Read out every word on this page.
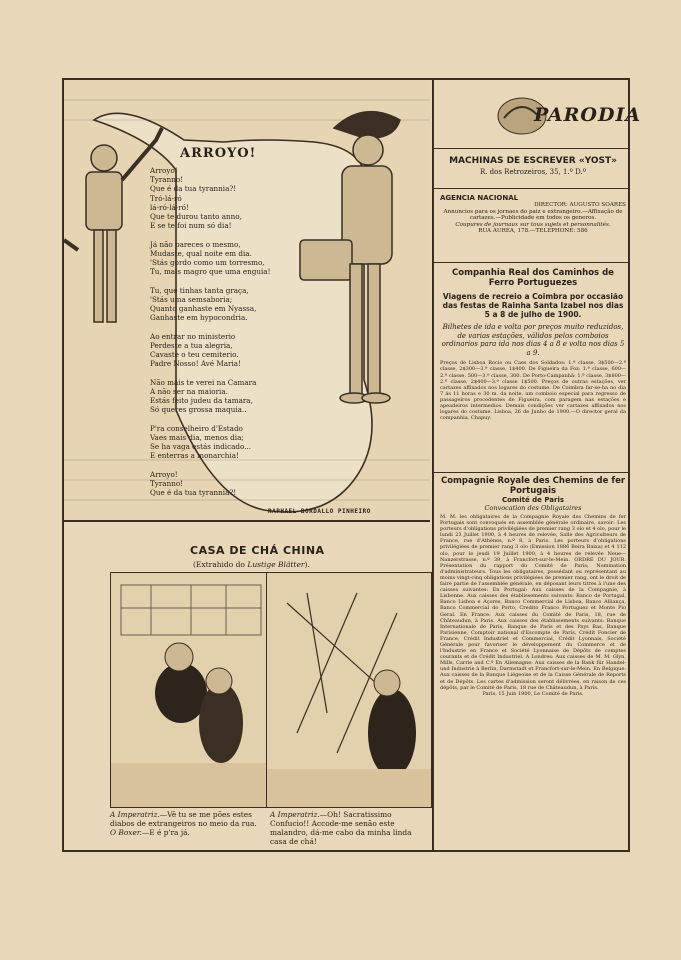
ARROYO!
Arroyo!
Tyranno!
Que é da tua tyrannia?!
Tró-lá-ró
lá-ró-lá-ró!
Que te durou tanto anno,
E se te foi num só dia!

Já não pareces o mesmo,
Mudaste, qual noite em dia.
'Stás gordo como um torresmo,
Tu, mais magro que uma enguia!

Tu, que tinhas tanta graça,
'Stás uma semsaboria;
Quanto ganhaste em Nyassa,
Ganhaste em hypocondria.

Ao entrar no ministerio
Perdeste a tua alegria,
Cavaste o teu cemiterio.
Padre Nosso! Avé Maria!

Não mais te verei na Camara
A não ser na maioria.
Estás feito judeu da tamara,
Só queres grossa maquia..

P'ra conselheiro d'Estado
Vaes mais dia, menos dia;
Se ha vaga estás indicado...
E enterras a monarchia!

Arroyo!
Tyranno!
Que é da tua tyrannia?!
RAPHAEL BORDALLO PINHEIRO
CASA DE CHÁ CHINA
(Extrahido do Lustige Blätter).
A Imperatriz.—Vê tu se me pões estes diabos de extrangeiros no meio da rua.
O Boxer.—E é p'ra já.
A Imperatriz.—Oh! Sacratissimo Confucio!! Accode-me senão este malandro, dá-me cabo da minha linda casa de chá!
PARODIA
MACHINAS DE ESCREVER «YOST»
R. dos Retrozeiros, 35, 1.º D.º
AGENCIA NACIONAL
DIRECTOR: AUGUSTO SOARES
Annuncios para os jornaes do paiz e extrangeiro.—Affixação de cartazes.—Publicidade em todos os generos.
Coupures de journaux sur tous sujets et personnalités.
RUA AUREA, 178.—TELEPHONE: 586
Companhia Real dos Caminhos de Ferro Portuguezes
Viagens de recreio a Coimbra por occasião das festas de Rainha Santa Izabel nos dias 5 a 8 de julho de 1900.
Bilhetes de ida e volta por preços muito reduzidos, de varias estações, válidos pelos comboios ordinarios para ida nos dias 4 a 8 e volta nos dias 5 a 9.
Preços de Lisboa Rocio ou Caes dos Soldados: 1.ª classe, 3$500—2.ª classe, 2$300—3.ª classe, 1$400. De Figueira da Foz: 1.ª classe, 600—2.ª classe, 500—3.ª classe, 300. De Porto-Campanhã: 1.ª classe, 3$800—2.ª classe, 2$400—3.ª classe 1$500. Preços de outras estações, ver cartazes affixados nos logares do costume. De Coimbra far-se-ha no dia 7 ás 11 horas e 30 m. da noite, um comboio especial para regresso de passageiros procedentes de Figueira, com paragem nas estações e apeadeiros intermedios. Demais condições ver cartazes affixados nos logares do costume. Lisboa, 26 de Junho de 1900.—O director geral da companhia, Chapuy.
Compagnie Royale des Chemins de fer Portugais
Comité de Paris
Convocation des Obligataires
M. M. les obligataires de la Compagnie Royale des Chemins de fer Portugais sont convoqués en assemblée générale ordinaire, savoir: Les porteurs d'obligations privilégiées de premier rang 3 olo et 4 olo, pour le lundi 23 Juillet 1900, à 4 heures de relevée, Salle des Agriculteurs de France, rue d'Athènes, n.º 8, à Paris. Les porteurs d'obligations privilégiées de premier rang 3 olo (Emission 1886 Beira Baixa) et 4 112 olo, pour le jeudi 19 Juillet 1900, à 4 heures de relevée Neue—Nanzerstrasse, n.º 39, à Francfort-sur-le-Mein. ORDRE DU JOUR. Présentation du rapport du Comité de Paris; Nomination d'administrateurs. Tous les obligataires, possédant ou représentant au moins vingt-cinq obligations privilégiées de premier rang, ont le droit de faire partie de l'assemblée générale, en déposant leurs titres à l'une des caisses suivantes: En Portugal: Aux caisses de la Compagnie, à Lisbonne. Aux caisses des établissements suivants: Banco de Portugal, Banco Lisboa e Açores, Banco Commercial de Lisboa, Banco Alliança, Banco Commercial do Porto, Credito Franco Portuguez et Monte Pio Geral. En France: Aux caisses du Comité de Paris, 18, rue de Châteaudun, à Paris. Aux caisses des établissements suivants: Banque Internationale de Paris, Banque de Paris et des Pays Bas, Banque Parisienne, Comptoir national d'Escompte de Paris, Crédit Foncier de France, Crédit Industriel et Commercial, Crédit Lyonnais, Société Générale pour favoriser le développement du Commerce et de l'Industrie en France et Société Lyonnaise de Dépôts de comptes courants et de Crédit Industriel. A Londres: Aux caisses de M. M. Glyn, Mills, Carrie and C.º En Allemagne: Aux caisses de la Bank für Handel-und Industrie à Berlin, Darmstadt et Francfort-sur-le-Mein. En Belgique: Aux caisses de la Banque Liégeoise et de la Caisse Générale de Reports et de Dépôts. Les cartes d'admission seront délivrées, en raison de ces dépôts, par le Comité de Paris, 18 rue de Châteaudun, à Paris.
Paris, 15 Juin 1900, Le Comité de Paris.
